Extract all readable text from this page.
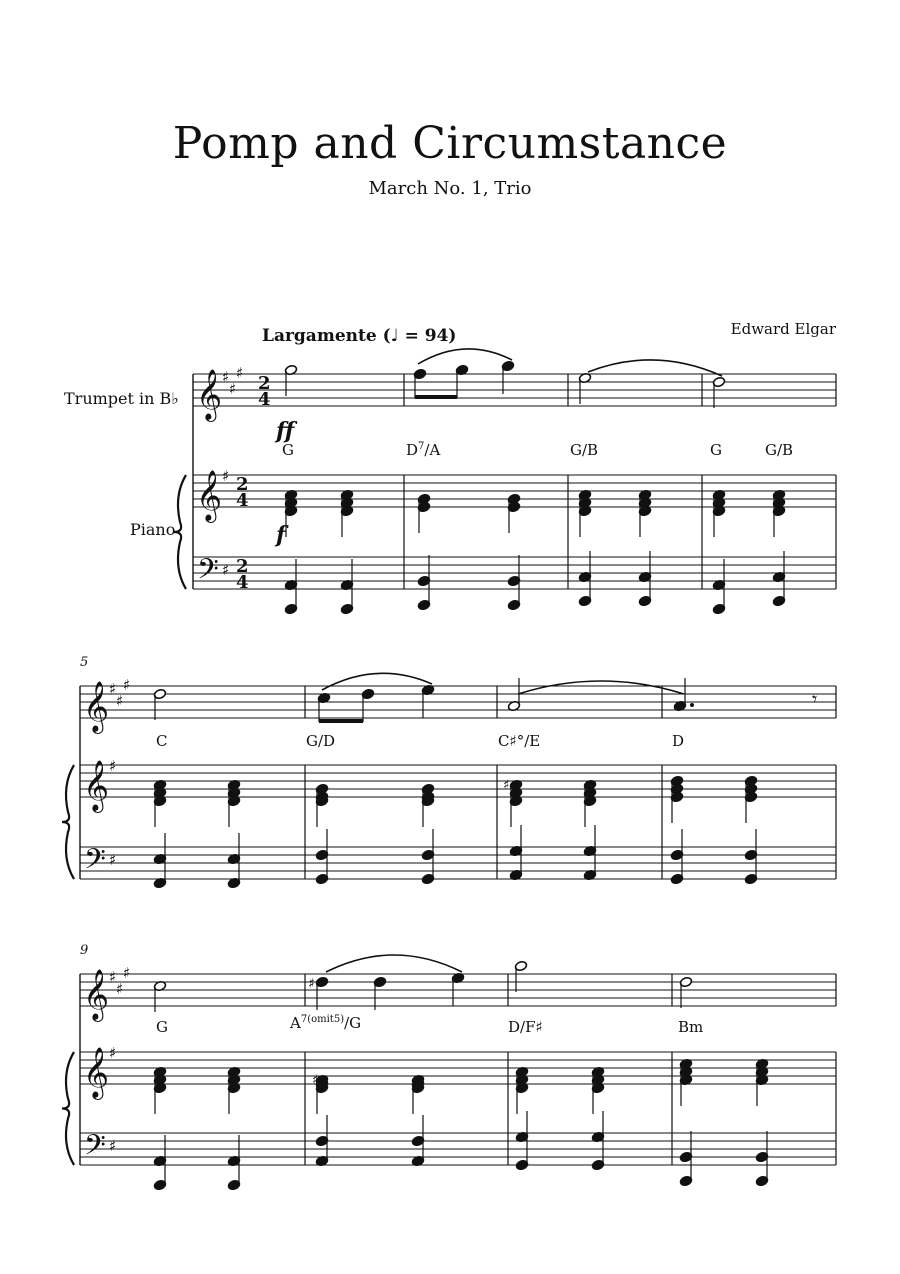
Pomp and Circumstance
March No. 1, Trio
Edward Elgar
Largamente (♩ = 94)
Trumpet in B♭
Piano
ff
f
5
9
G	$D^7/A$	G/B	G	G/B
C	G/D	C♯°/E	D
G	$A^{7(omit5)}/G$	D/F♯	Bm
𝄞
𝄞
𝄢
♯
♯
♯
♯
♯
2
4
2
4
2
4
𝄞
𝄞
𝄢
♯
♯
♯
♯
♯
𝄞
𝄞
𝄢
♯
♯
♯
♯
♯
𝄾
♯
♯
♯
